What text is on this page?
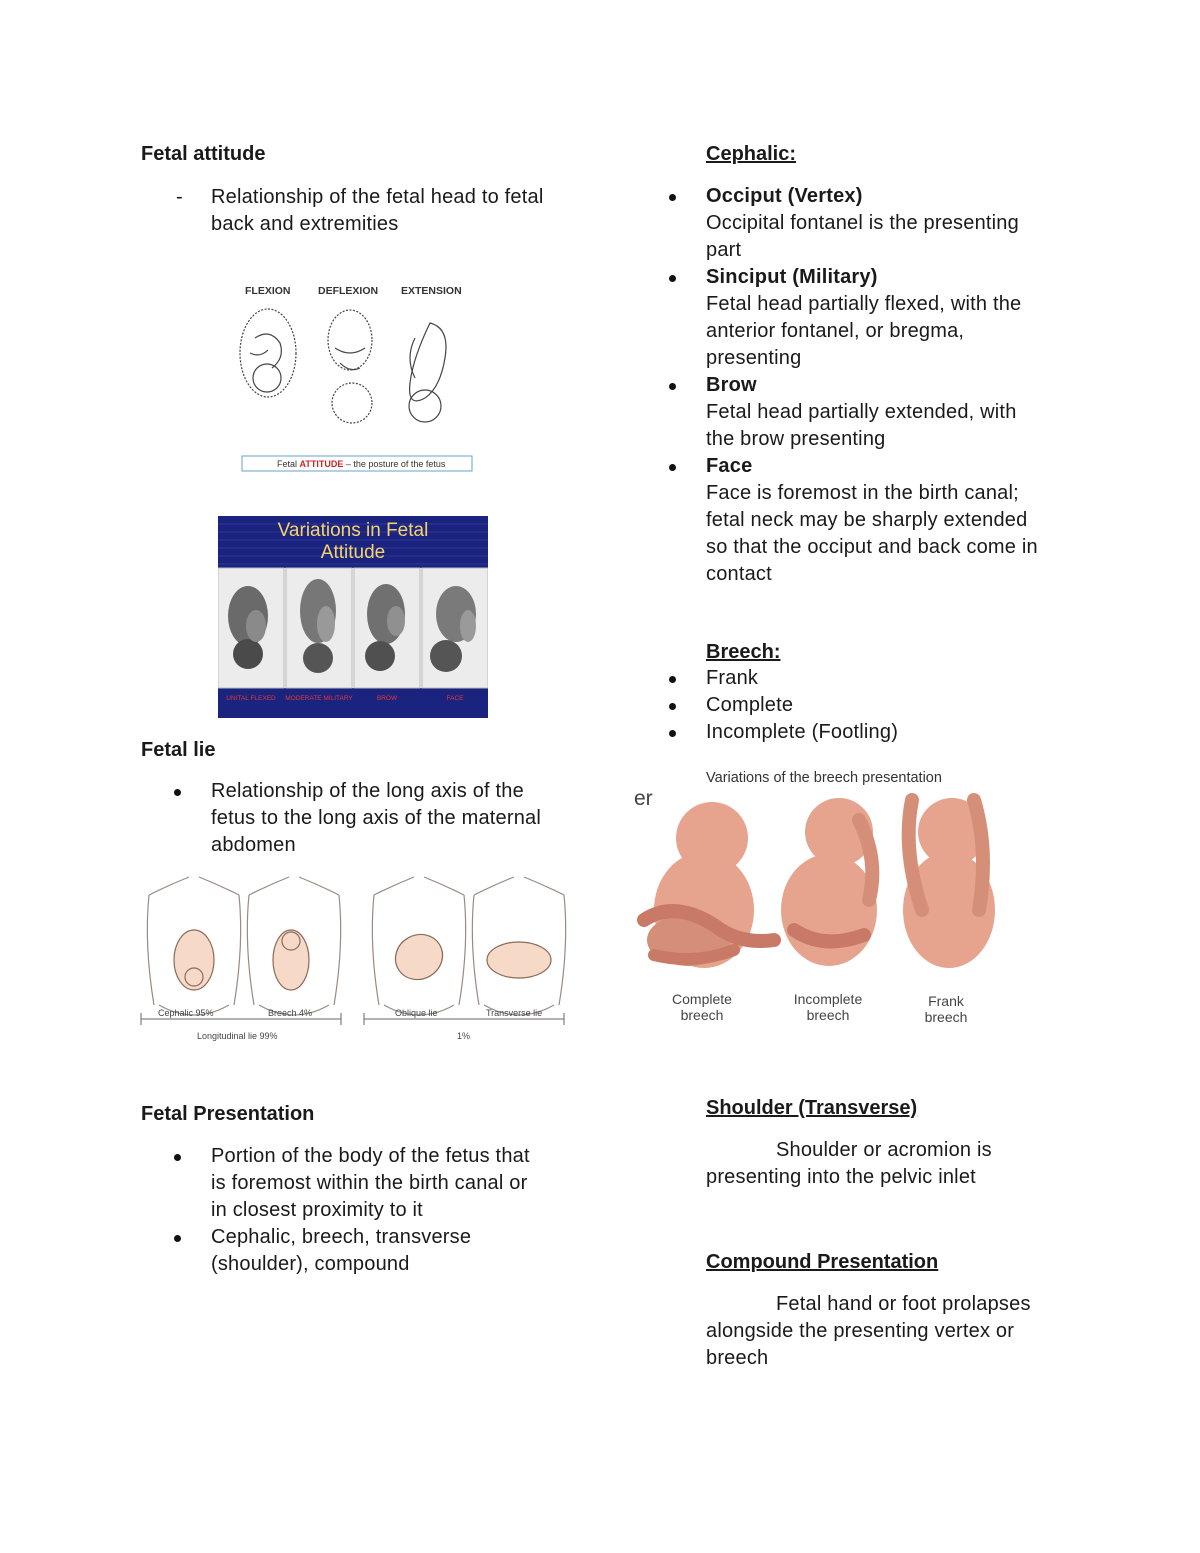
Fetal attitude
- Relationship of the fetal head to fetal
back and extremities
FLEXION	DEFLEXION EXTENSION
Fetal ATTITUDE – the posture of the fetus
Variations in Fetal
Attitude
UNITAL FLEXED MODERATE MILITARY	BROW	FACE
Fetal lie
Relationship of the long axis of the
fetus to the long axis of the maternal
abdomen
Cephalic 95%	Breech 4%	Oblique lie	Transverse lie
Longitudinal lie 99%	1%
Fetal Presentation
Portion of the body of the fetus that
is foremost within the birth canal or
in closest proximity to it
Cephalic, breech, transverse
(shoulder), compound
Cephalic:
Occiput (Vertex)
Occipital fontanel is the presenting
part
Sinciput (Military)
Fetal head partially flexed, with the
anterior fontanel, or bregma,
presenting
Brow
Fetal head partially extended, with
the brow presenting
Face
Face is foremost in the birth canal;
fetal neck may be sharply extended
so that the occiput and back come in
contact
Breech:
Frank
Complete
Incomplete (Footling)
Variations of the breech presentation
er
Complete
breech
Incomplete
breech
Frank
breech
Shoulder (Transverse)
Shoulder or acromion is
presenting into the pelvic inlet
Compound Presentation
Fetal hand or foot prolapses
alongside the presenting vertex or
breech
